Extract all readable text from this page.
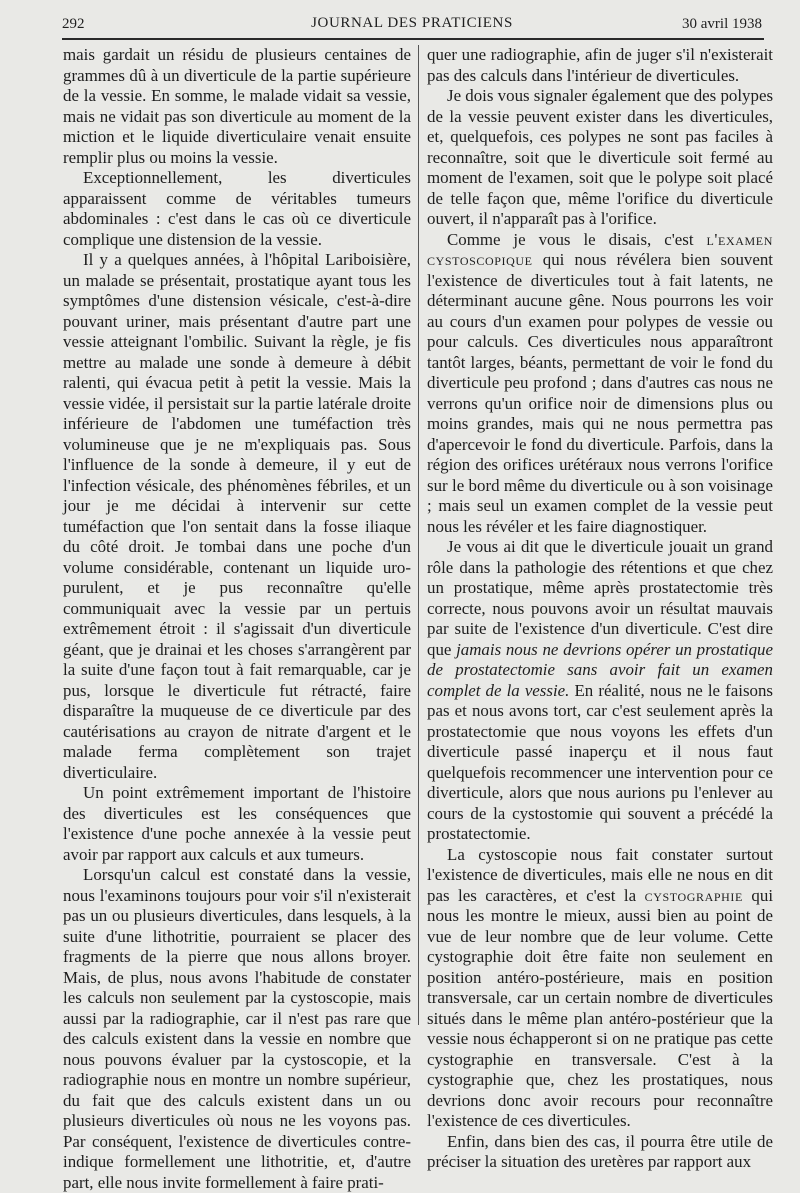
292	JOURNAL DES PRATICIENS	30 avril 1938

mais gardait un résidu de plusieurs centaines de grammes dû à un diverticule de la partie supérieure de la vessie. En somme, le malade vidait sa vessie, mais ne vidait pas son diverticule au moment de la miction et le liquide diverticulaire venait ensuite remplir plus ou moins la vessie.

Exceptionnellement, les diverticules apparaissent comme de véritables tumeurs abdominales : c'est dans le cas où ce diverticule complique une distension de la vessie.

Il y a quelques années, à l'hôpital Lariboisière, un malade se présentait, prostatique ayant tous les symptômes d'une distension vésicale, c'est-à-dire pouvant uriner, mais présentant d'autre part une vessie atteignant l'ombilic. Suivant la règle, je fis mettre au malade une sonde à demeure à débit ralenti, qui évacua petit à petit la vessie. Mais la vessie vidée, il persistait sur la partie latérale droite inférieure de l'abdomen une tuméfaction très volumineuse que je ne m'expliquais pas. Sous l'influence de la sonde à demeure, il y eut de l'infection vésicale, des phénomènes fébriles, et un jour je me décidai à intervenir sur cette tuméfaction que l'on sentait dans la fosse iliaque du côté droit. Je tombai dans une poche d'un volume considérable, contenant un liquide uro-purulent, et je pus reconnaître qu'elle communiquait avec la vessie par un pertuis extrêmement étroit : il s'agissait d'un diverticule géant, que je drainai et les choses s'arrangèrent par la suite d'une façon tout à fait remarquable, car je pus, lorsque le diverticule fut rétracté, faire disparaître la muqueuse de ce diverticule par des cautérisations au crayon de nitrate d'argent et le malade ferma complètement son trajet diverticulaire.

Un point extrêmement important de l'histoire des diverticules est les conséquences que l'existence d'une poche annexée à la vessie peut avoir par rapport aux calculs et aux tumeurs.

Lorsqu'un calcul est constaté dans la vessie, nous l'examinons toujours pour voir s'il n'existerait pas un ou plusieurs diverticules, dans lesquels, à la suite d'une lithotritie, pourraient se placer des fragments de la pierre que nous allons broyer. Mais, de plus, nous avons l'habitude de constater les calculs non seulement par la cystoscopie, mais aussi par la radiographie, car il n'est pas rare que des calculs existent dans la vessie en nombre que nous pouvons évaluer par la cystoscopie, et la radiographie nous en montre un nombre supérieur, du fait que des calculs existent dans un ou plusieurs diverticules où nous ne les voyons pas. Par conséquent, l'existence de diverticules contre-indique formellement une lithotritie, et, d'autre part, elle nous invite formellement à faire prati-

quer une radiographie, afin de juger s'il n'existerait pas des calculs dans l'intérieur de diverticules.

Je dois vous signaler également que des polypes de la vessie peuvent exister dans les diverticules, et, quelquefois, ces polypes ne sont pas faciles à reconnaître, soit que le diverticule soit fermé au moment de l'examen, soit que le polype soit placé de telle façon que, même l'orifice du diverticule ouvert, il n'apparaît pas à l'orifice.

Comme je vous le disais, c'est l'examen cystoscopique qui nous révélera bien souvent l'existence de diverticules tout à fait latents, ne déterminant aucune gêne. Nous pourrons les voir au cours d'un examen pour polypes de vessie ou pour calculs. Ces diverticules nous apparaîtront tantôt larges, béants, permettant de voir le fond du diverticule peu profond ; dans d'autres cas nous ne verrons qu'un orifice noir de dimensions plus ou moins grandes, mais qui ne nous permettra pas d'apercevoir le fond du diverticule. Parfois, dans la région des orifices urétéraux nous verrons l'orifice sur le bord même du diverticule ou à son voisinage ; mais seul un examen complet de la vessie peut nous les révéler et les faire diagnostiquer.

Je vous ai dit que le diverticule jouait un grand rôle dans la pathologie des rétentions et que chez un prostatique, même après prostatectomie très correcte, nous pouvons avoir un résultat mauvais par suite de l'existence d'un diverticule. C'est dire que jamais nous ne devrions opérer un prostatique de prostatectomie sans avoir fait un examen complet de la vessie. En réalité, nous ne le faisons pas et nous avons tort, car c'est seulement après la prostatectomie que nous voyons les effets d'un diverticule passé inaperçu et il nous faut quelquefois recommencer une intervention pour ce diverticule, alors que nous aurions pu l'enlever au cours de la cystostomie qui souvent a précédé la prostatectomie.

La cystoscopie nous fait constater surtout l'existence de diverticules, mais elle ne nous en dit pas les caractères, et c'est la cystographie qui nous les montre le mieux, aussi bien au point de vue de leur nombre que de leur volume. Cette cystographie doit être faite non seulement en position antéro-postérieure, mais en position transversale, car un certain nombre de diverticules situés dans le même plan antéro-postérieur que la vessie nous échapperont si on ne pratique pas cette cystographie en transversale. C'est à la cystographie que, chez les prostatiques, nous devrions donc avoir recours pour reconnaître l'existence de ces diverticules.

Enfin, dans bien des cas, il pourra être utile de préciser la situation des uretères par rapport aux
